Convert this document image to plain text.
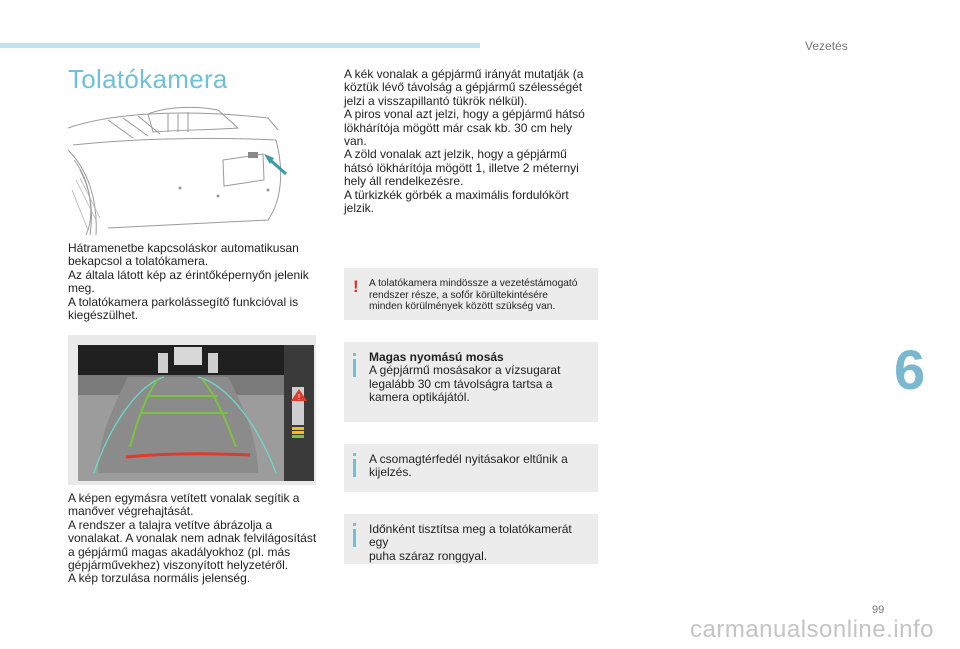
Vezetés
6
Tolatókamera

Hátramenetbe kapcsoláskor automatikusan
bekapcsol a tolatókamera.
Az általa látott kép az érintőképernyőn jelenik
meg.
A tolatókamera parkolássegítő funkcióval is
kiegészülhet.

!

A képen egymásra vetített vonalak segítik a
manőver végrehajtását.
A rendszer a talajra vetítve ábrázolja a
vonalakat. A vonalak nem adnak felvilágosítást
a gépjármű magas akadályokhoz (pl. más
gépjárművekhez) viszonyított helyzetéről.
A kép torzulása normális jelenség.

A kék vonalak a gépjármű irányát mutatják (a
köztük lévő távolság a gépjármű szélességét
jelzi a visszapillantó tükrök nélkül).
A piros vonal azt jelzi, hogy a gépjármű hátsó
lökhárítója mögött már csak kb. 30 cm hely
van.
A zöld vonalak azt jelzik, hogy a gépjármű
hátsó lökhárítója mögött 1, illetve 2 méternyi
hely áll rendelkezésre.
A türkizkék görbék a maximális fordulókört
jelzik.

! A tolatókamera mindössze a vezetéstámogató
rendszer része, a sofőr körültekintésére
minden körülmények között szükség van.
Magas nyomású mosás
A gépjármű mosásakor a vízsugarat
legalább 30 cm távolságra tartsa a
kamera optikájától.
A csomagtérfedél nyitásakor eltűnik a
kijelzés.
Időnként tisztítsa meg a tolatókamerát egy
puha száraz ronggyal.
99
carmanualsonline.info
